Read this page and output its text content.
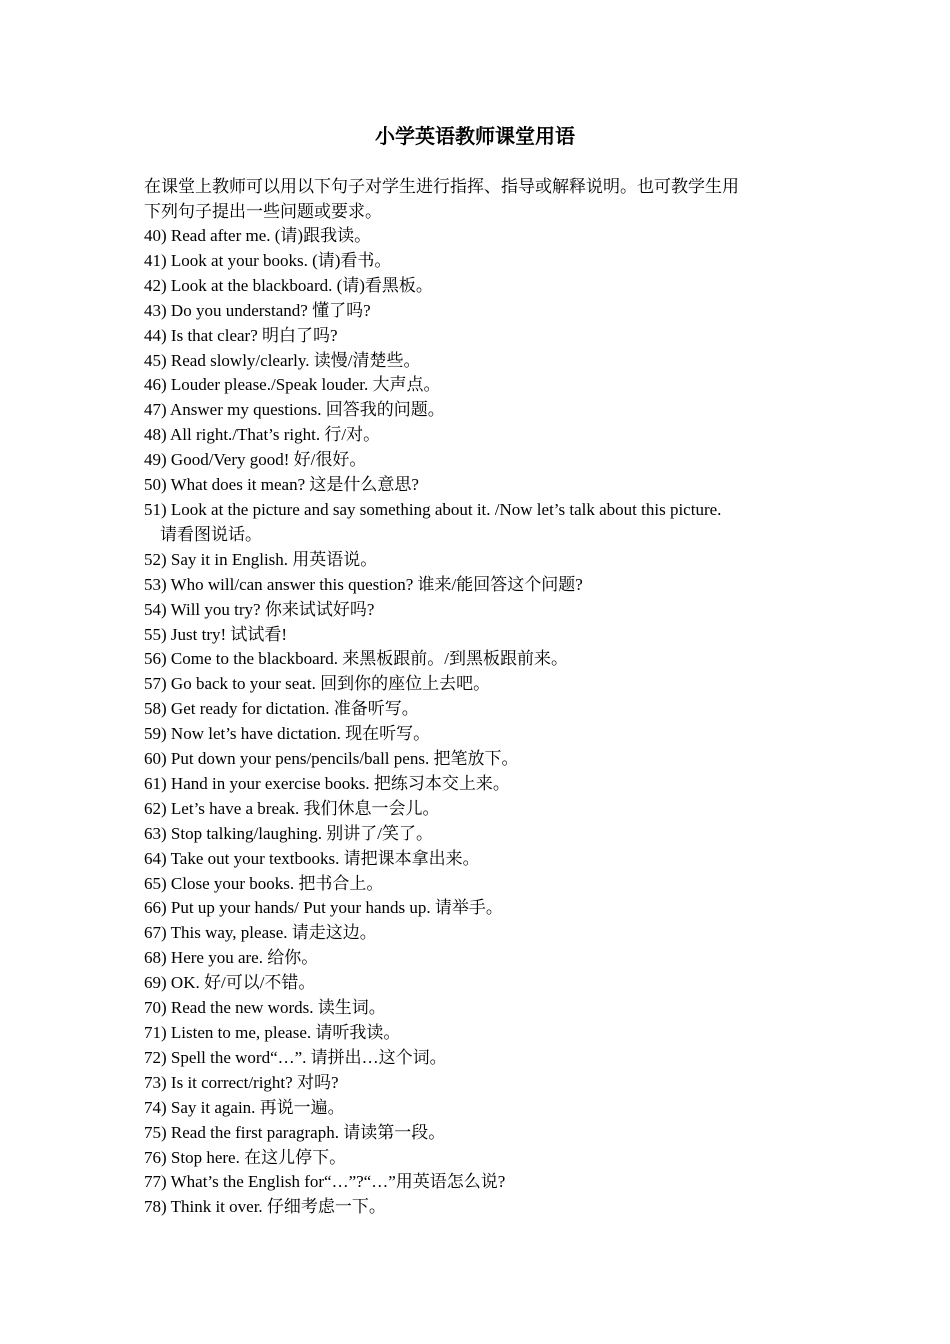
小学英语教师课堂用语

在课堂上教师可以用以下句子对学生进行指挥、指导或解释说明。也可教学生用
下列句子提出一些问题或要求。

40) Read after me. (请)跟我读。
41) Look at your books. (请)看书。
42) Look at the blackboard. (请)看黑板。
43) Do you understand? 懂了吗?
44) Is that clear? 明白了吗?
45) Read slowly/clearly. 读慢/清楚些。
46) Louder please./Speak louder. 大声点。
47) Answer my questions. 回答我的问题。
48) All right./That’s right. 行/对。
49) Good/Very good! 好/很好。
50) What does it mean? 这是什么意思?
51) Look at the picture and say something about it. /Now let’s talk about this picture.
请看图说话。
52) Say it in English. 用英语说。
53) Who will/can answer this question? 谁来/能回答这个问题?
54) Will you try? 你来试试好吗?
55) Just try! 试试看!
56) Come to the blackboard. 来黑板跟前。/到黑板跟前来。
57) Go back to your seat. 回到你的座位上去吧。
58) Get ready for dictation. 准备听写。
59) Now let’s have dictation. 现在听写。
60) Put down your pens/pencils/ball pens. 把笔放下。
61) Hand in your exercise books. 把练习本交上来。
62) Let’s have a break. 我们休息一会儿。
63) Stop talking/laughing. 别讲了/笑了。
64) Take out your textbooks. 请把课本拿出来。
65) Close your books. 把书合上。
66) Put up your hands/ Put your hands up. 请举手。
67) This way, please. 请走这边。
68) Here you are. 给你。
69) OK. 好/可以/不错。
70) Read the new words. 读生词。
71) Listen to me, please. 请听我读。
72) Spell the word“…”. 请拼出…这个词。
73) Is it correct/right? 对吗?
74) Say it again. 再说一遍。
75) Read the first paragraph. 请读第一段。
76) Stop here. 在这儿停下。
77) What’s the English for“…”?“…”用英语怎么说?
78) Think it over. 仔细考虑一下。
